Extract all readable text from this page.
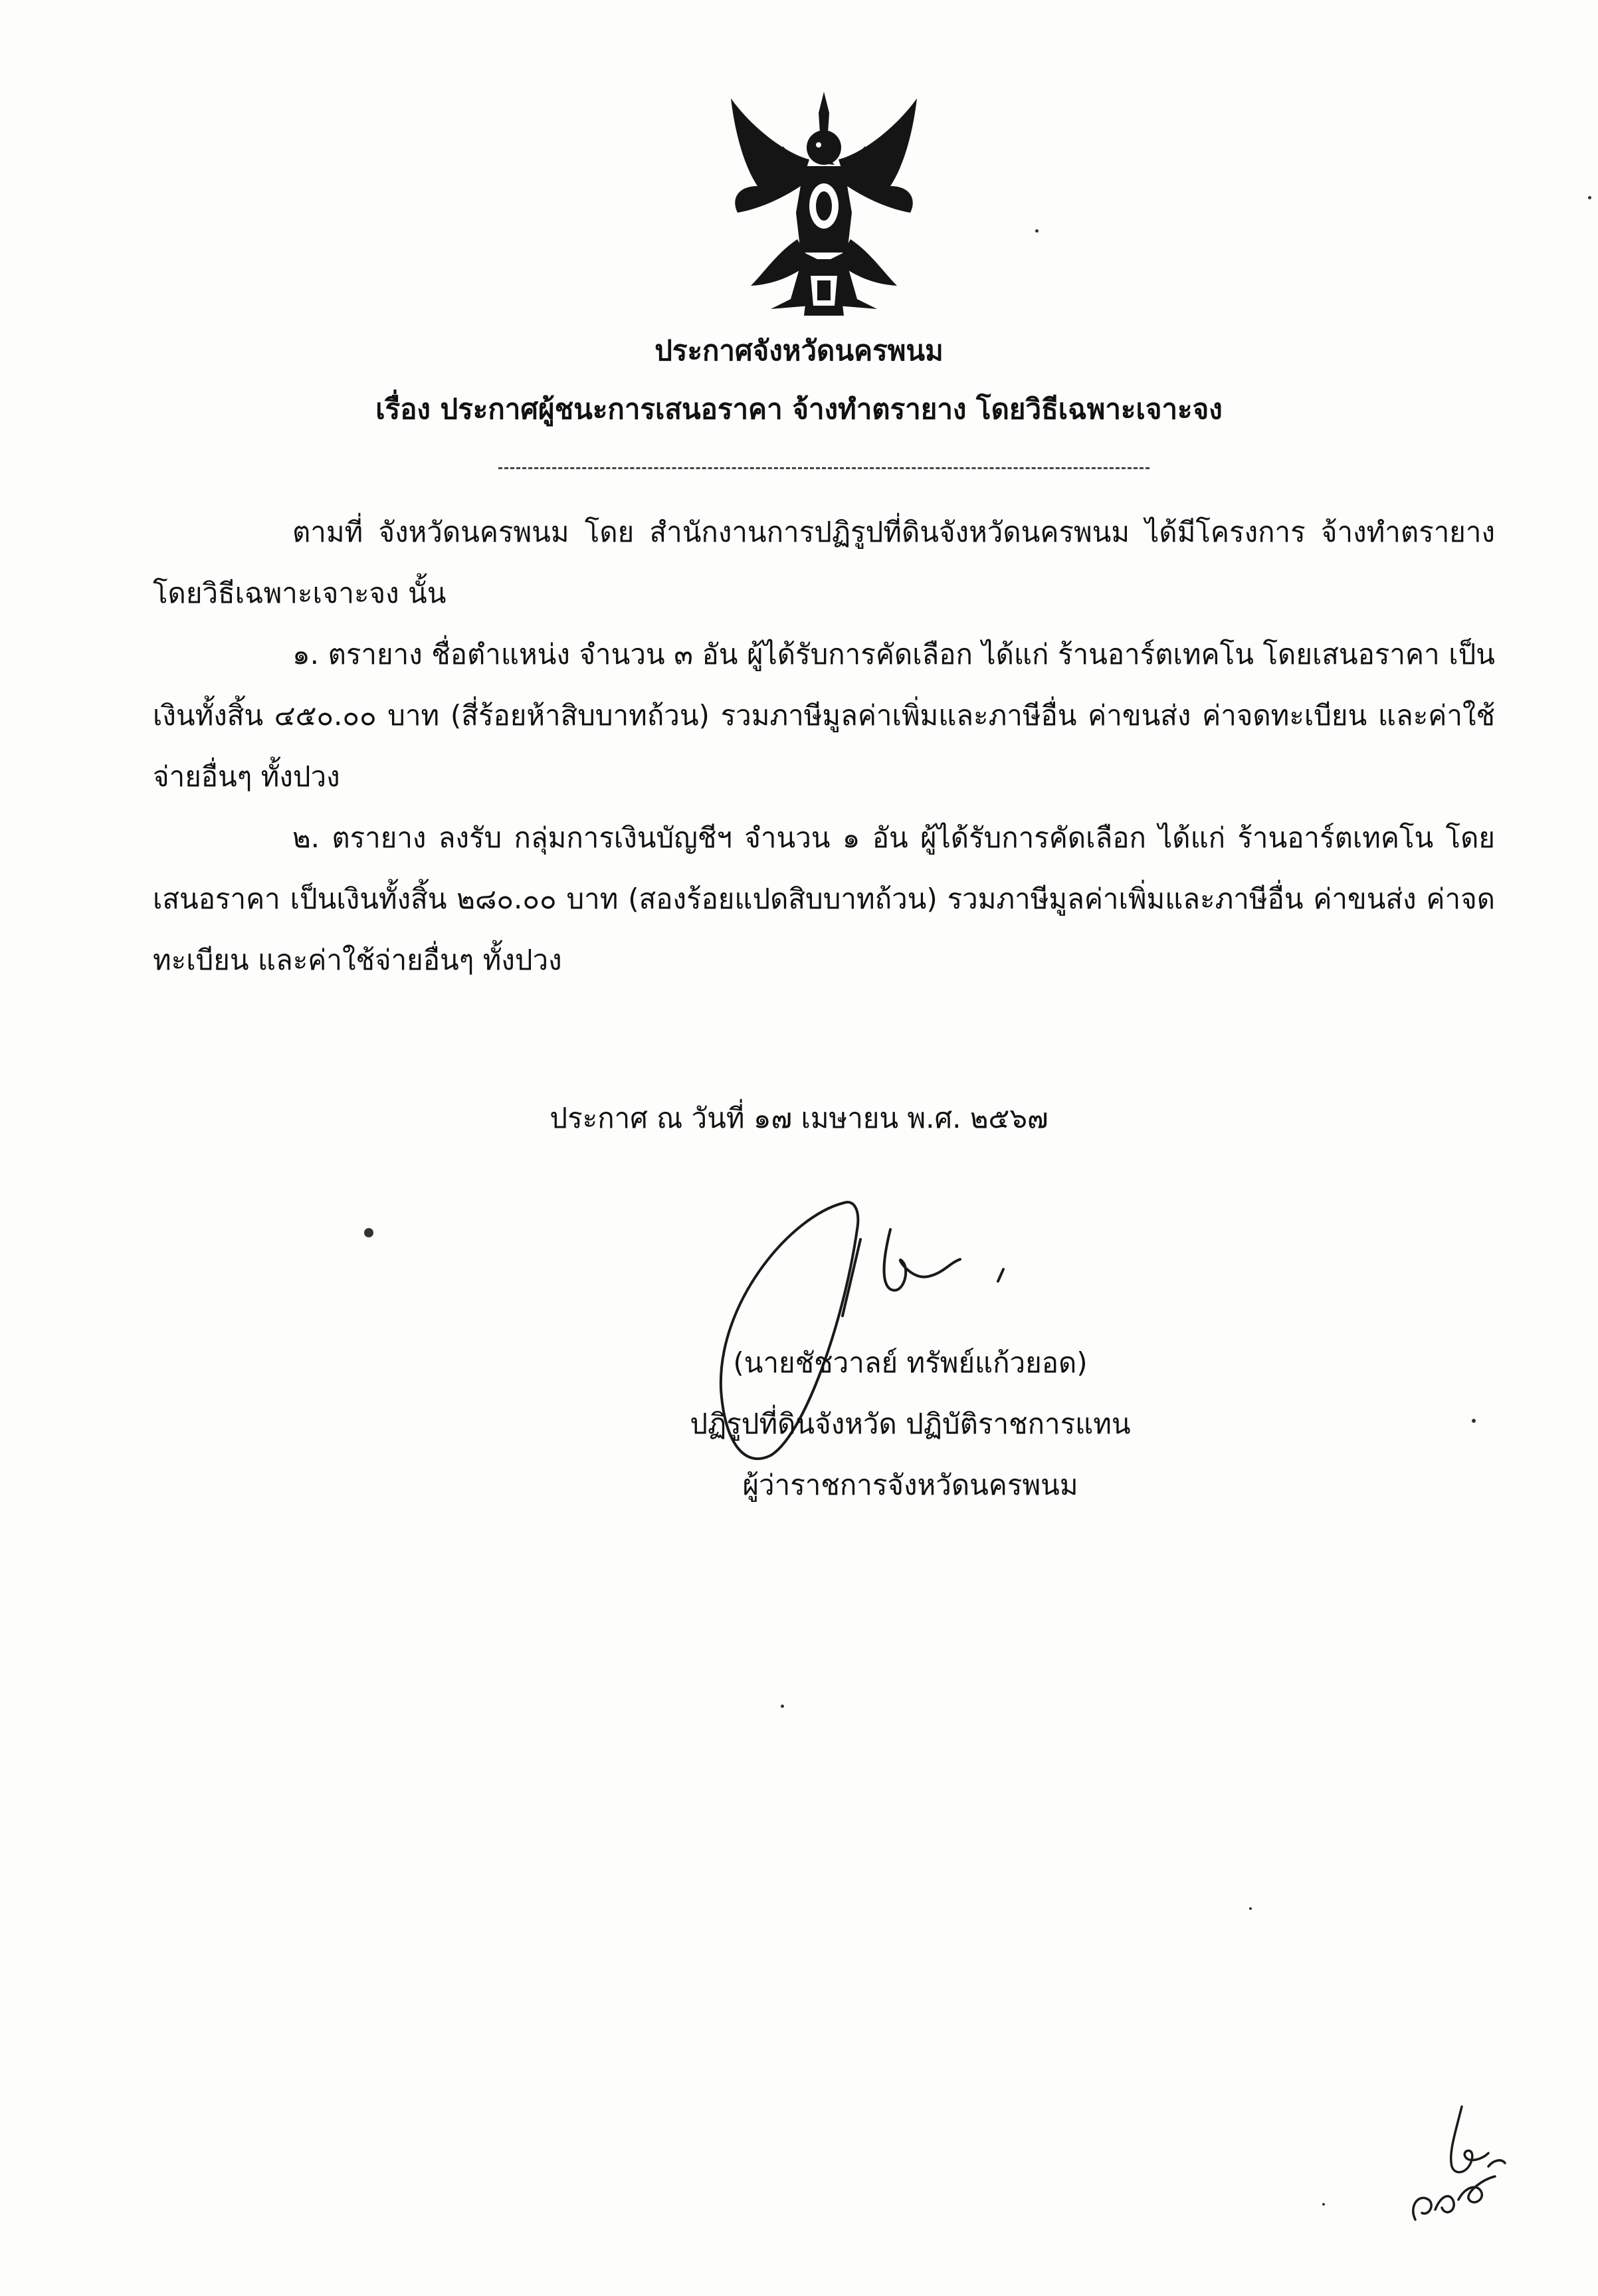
ประกาศจังหวัดนครพนม
เรื่อง ประกาศผู้ชนะการเสนอราคา จ้างทำตรายาง โดยวิธีเฉพาะเจาะจง

ตามที่ จังหวัดนครพนม โดย สำนักงานการปฏิรูปที่ดินจังหวัดนครพนม ได้มีโครงการ จ้างทำตรายาง โดยวิธีเฉพาะเจาะจง นั้น

๑. ตรายาง ชื่อตำแหน่ง จำนวน ๓ อัน ผู้ได้รับการคัดเลือก ได้แก่ ร้านอาร์ตเทคโน โดยเสนอราคา เป็นเงินทั้งสิ้น ๔๕๐.๐๐ บาท (สี่ร้อยห้าสิบบาทถ้วน) รวมภาษีมูลค่าเพิ่มและภาษีอื่น ค่าขนส่ง ค่าจดทะเบียน และค่าใช้จ่ายอื่นๆ ทั้งปวง

๒. ตรายาง ลงรับ กลุ่มการเงินบัญชีฯ จำนวน ๑ อัน ผู้ได้รับการคัดเลือก ได้แก่ ร้านอาร์ตเทคโน โดยเสนอราคา เป็นเงินทั้งสิ้น ๒๘๐.๐๐ บาท (สองร้อยแปดสิบบาทถ้วน) รวมภาษีมูลค่าเพิ่มและภาษีอื่น ค่าขนส่ง ค่าจดทะเบียน และค่าใช้จ่ายอื่นๆ ทั้งปวง

ประกาศ ณ วันที่ ๑๗ เมษายน พ.ศ. ๒๕๖๗
(นายชัชวาลย์ ทรัพย์แก้วยอด)
ปฏิรูปที่ดินจังหวัด ปฏิบัติราชการแทน
ผู้ว่าราชการจังหวัดนครพนม
